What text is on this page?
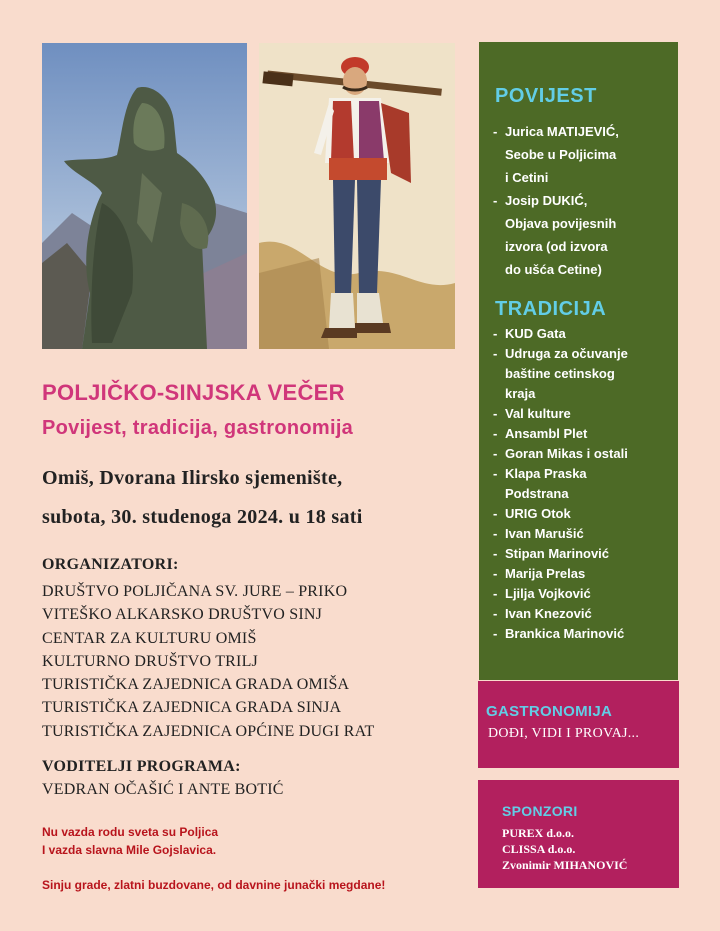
POLJIČKO-SINJSKA VEČER
Povijest, tradicija, gastronomija

Omiš, Dvorana Ilirsko sjemenište,

subota, 30. studenoga 2024. u 18 sati

ORGANIZATORI:

DRUŠTVO POLJIČANA SV. JURE – PRIKO
VITEŠKO ALKARSKO DRUŠTVO SINJ
CENTAR ZA KULTURU OMIŠ
KULTURNO DRUŠTVO TRILJ
TURISTIČKA ZAJEDNICA GRADA OMIŠA
TURISTIČKA ZAJEDNICA GRADA SINJA
TURISTIČKA ZAJEDNICA OPĆINE DUGI RAT

VODITELJI PROGRAMA:

VEDRAN OČAŠIĆ I ANTE BOTIĆ

Nu vazda rodu sveta su Poljica

I vazda slavna Mile Gojslavica.

Sinju grade, zlatni buzdovane, od davnine junački megdane!

POVIJEST
- Jurica MATIJEVIĆ,
Seobe u Poljicima
i Cetini
- Josip DUKIĆ,
Objava povijesnih
izvora (od izvora
do ušća Cetine)
TRADICIJA
- KUD Gata
- Udruga za očuvanje
baštine cetinskog
kraja
- Val kulture
- Ansambl Plet
- Goran Mikas i ostali
- Klapa Praska
Podstrana
- URIG Otok
- Ivan Marušić
- Stipan Marinović
- Marija Prelas
- Ljilja Vojković
- Ivan Knezović
- Brankica Marinović
GASTRONOMIJA

DOĐI, VIDI I PROVAJ...

SPONZORI
PUREX d.o.o.
CLISSA d.o.o.
Zvonimir MIHANOVIĆ
